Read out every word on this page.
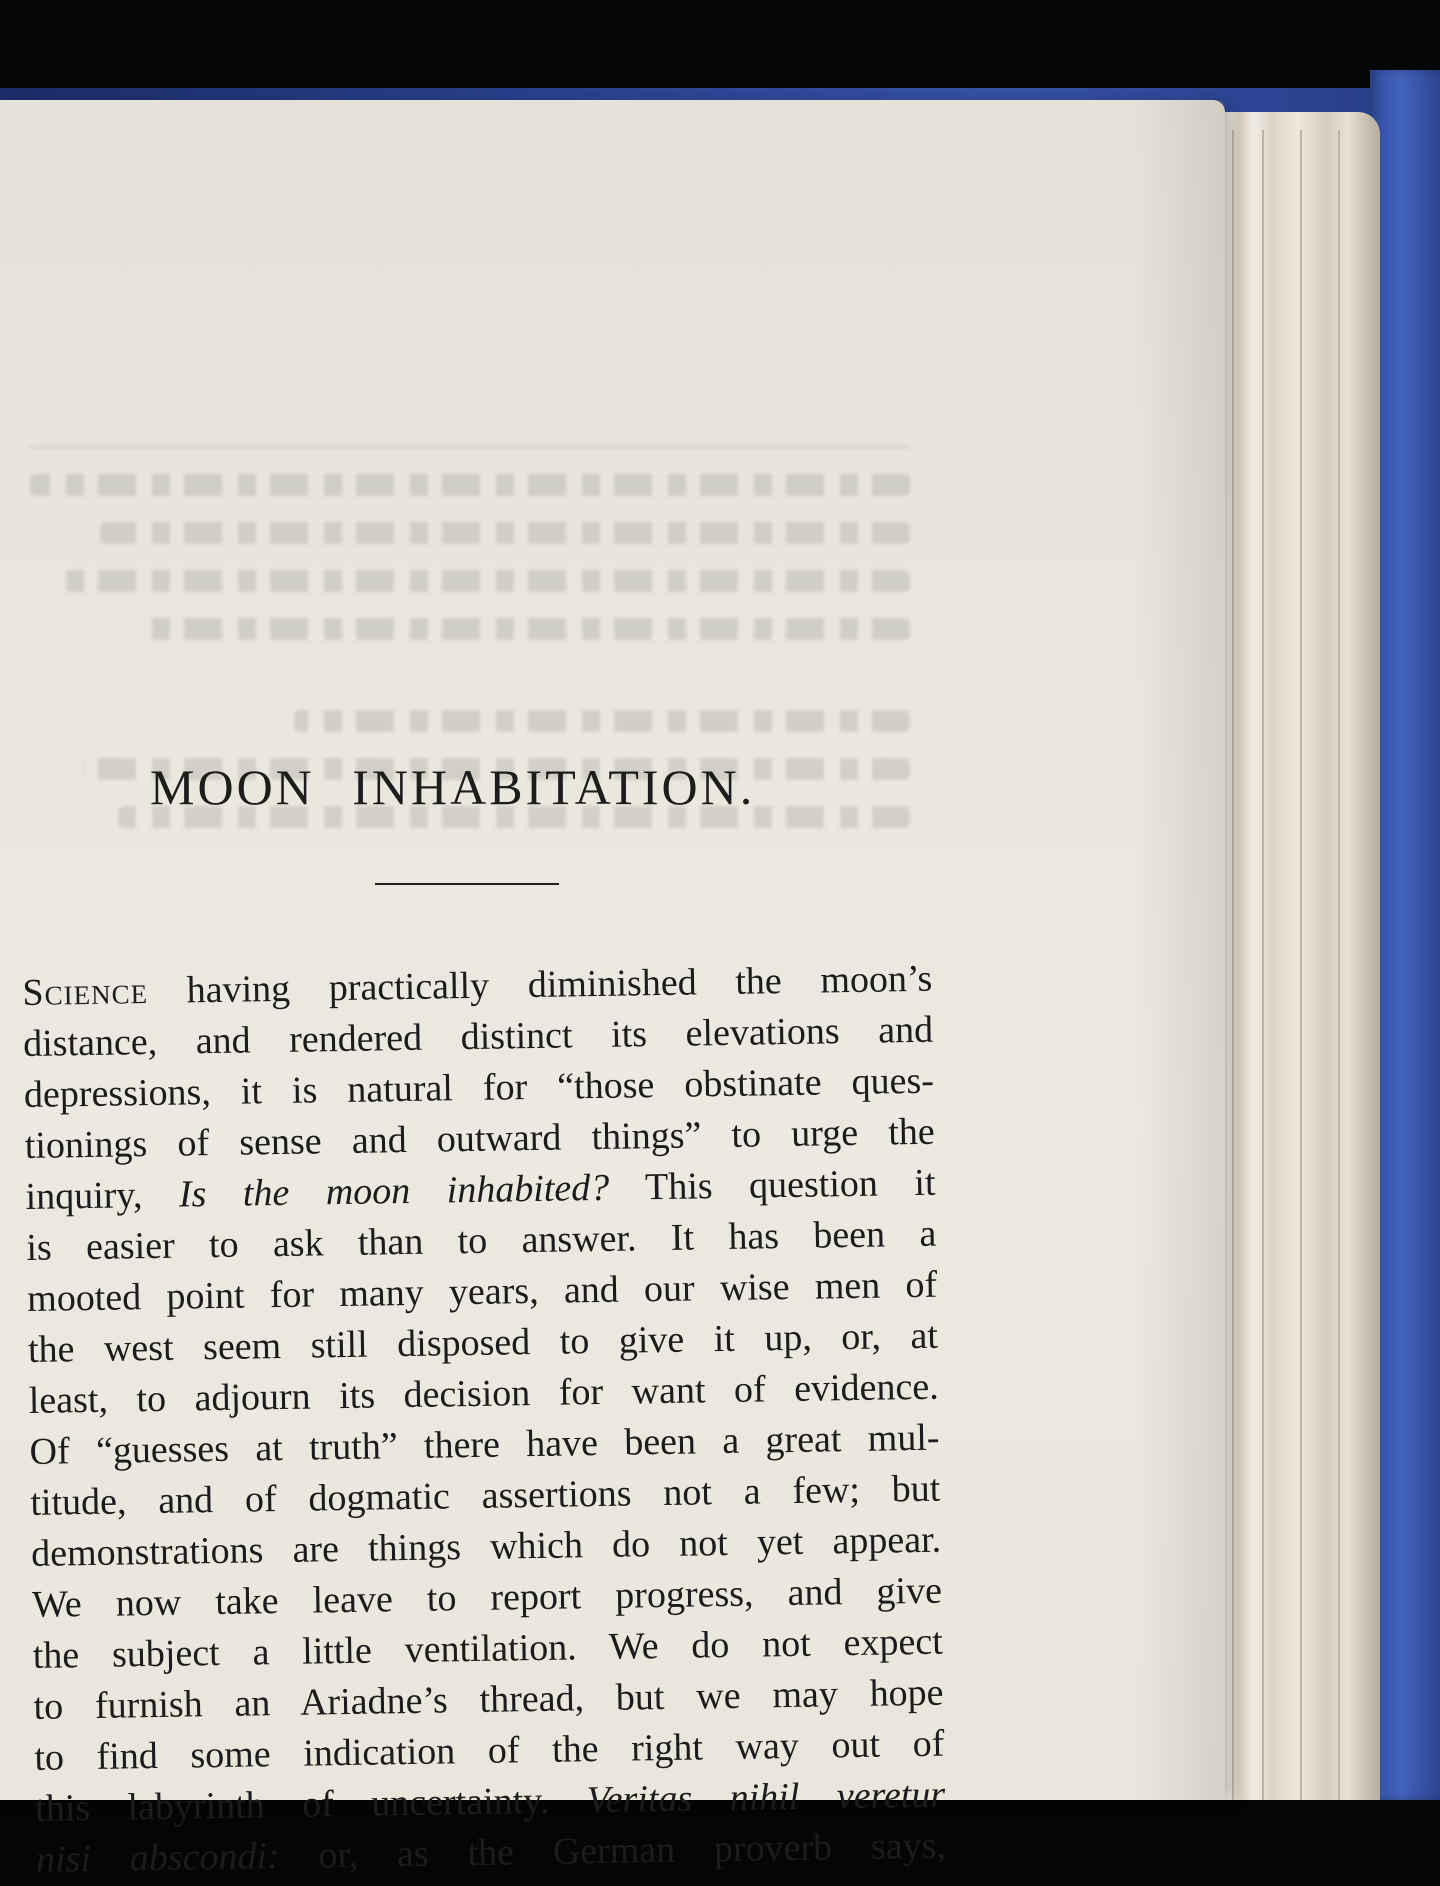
MOON INHABITATION.
Science having practically diminished the moon’s
distance, and rendered distinct its elevations and
depressions, it is natural for “those obstinate ques-
tionings of sense and outward things” to urge the
inquiry, Is the moon inhabited? This question it
is easier to ask than to answer. It has been a
mooted point for many years, and our wise men of
the west seem still disposed to give it up, or, at
least, to adjourn its decision for want of evidence.
Of “guesses at truth” there have been a great mul-
titude, and of dogmatic assertions not a few; but
demonstrations are things which do not yet appear.
We now take leave to report progress, and give
the subject a little ventilation. We do not expect
to furnish an Ariadne’s thread, but we may hope
to find some indication of the right way out of
this labyrinth of uncertainty. Veritas nihil veretur
nisi abscondi: or, as the German proverb says,
